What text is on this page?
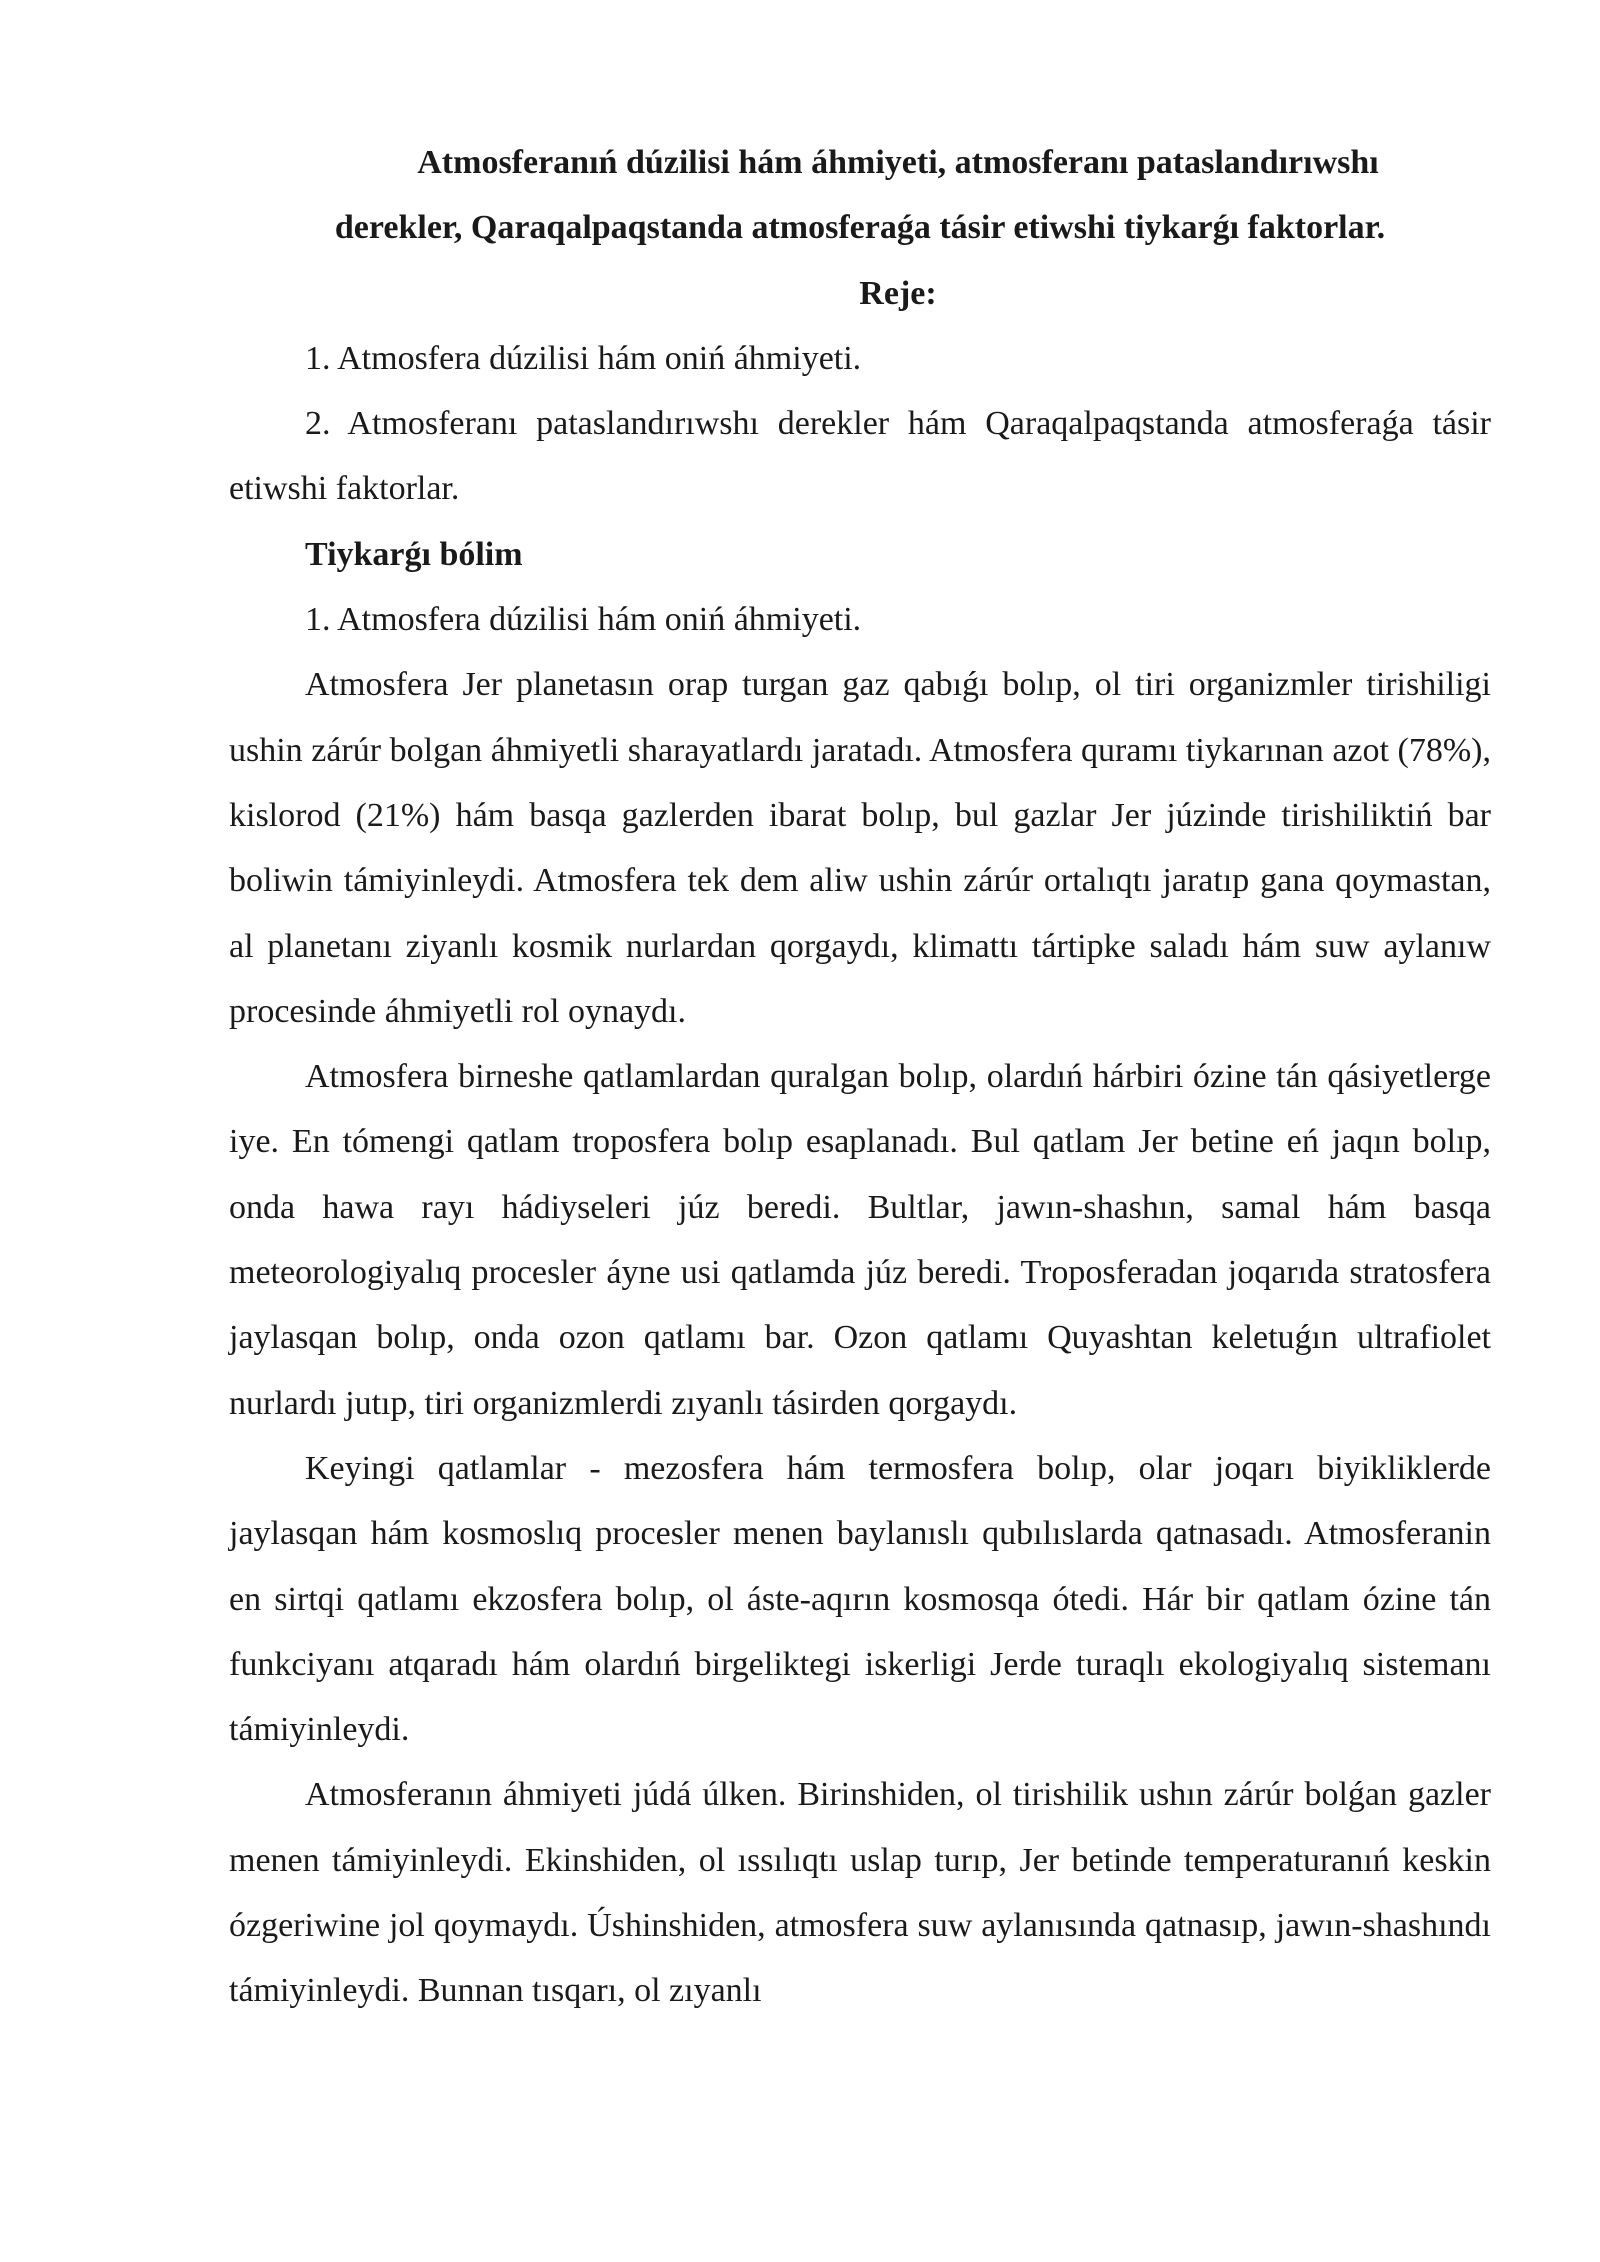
Atmosferanıń dúzilisi hám áhmiyeti, atmosferanı pataslandırıwshı
derekler, Qaraqalpaqstanda atmosferaǵa tásir etiwshi tiykarǵı faktorlar.

Reje:

1. Atmosfera dúzilisi hám oniń áhmiyeti.

2. Atmosferanı pataslandırıwshı derekler hám Qaraqalpaqstanda atmosferaǵa tásir etiwshi faktorlar.

Tiykarǵı bólim

1. Atmosfera dúzilisi hám oniń áhmiyeti.

Atmosfera Jer planetasın orap turgan gaz qabıǵı bolıp, ol tiri organizmler tirishiligi ushin zárúr bolgan áhmiyetli sharayatlardı jaratadı. Atmosfera quramı tiykarınan azot (78%), kislorod (21%) hám basqa gazlerden ibarat bolıp, bul gazlar Jer júzinde tirishiliktiń bar boliwin támiyinleydi. Atmosfera tek dem aliw ushin zárúr ortalıqtı jaratıp gana qoymastan, al planetanı ziyanlı kosmik nurlardan qorgaydı, klimattı tártipke saladı hám suw aylanıw procesinde áhmiyetli rol oynaydı.

Atmosfera birneshe qatlamlardan quralgan bolıp, olardıń hárbiri ózine tán qásiyetlerge iye. En tómengi qatlam troposfera bolıp esaplanadı. Bul qatlam Jer betine eń jaqın bolıp, onda hawa rayı hádiyseleri júz beredi. Bultlar, jawın-shashın, samal hám basqa meteorologiyalıq procesler áyne usi qatlamda júz beredi. Troposferadan joqarıda stratosfera jaylasqan bolıp, onda ozon qatlamı bar. Ozon qatlamı Quyashtan keletuǵın ultrafiolet nurlardı jutıp, tiri organizmlerdi zıyanlı tásirden qorgaydı.

Keyingi qatlamlar - mezosfera hám termosfera bolıp, olar joqarı biyikliklerde jaylasqan hám kosmoslıq procesler menen baylanıslı qubılıslarda qatnasadı. Atmosferanin en sirtqi qatlamı ekzosfera bolıp, ol áste-aqırın kosmosqa ótedi. Hár bir qatlam ózine tán funkciyanı atqaradı hám olardıń birgeliktegi iskerligi Jerde turaqlı ekologiyalıq sistemanı támiyinleydi.

Atmosferanın áhmiyeti júdá úlken. Birinshiden, ol tirishilik ushın zárúr bolǵan gazler menen támiyinleydi. Ekinshiden, ol ıssılıqtı uslap turıp, Jer betinde temperaturanıń keskin ózgeriwine jol qoymaydı. Úshinshiden, atmosfera suw aylanısında qatnasıp, jawın-shashındı támiyinleydi. Bunnan tısqarı, ol zıyanlı
